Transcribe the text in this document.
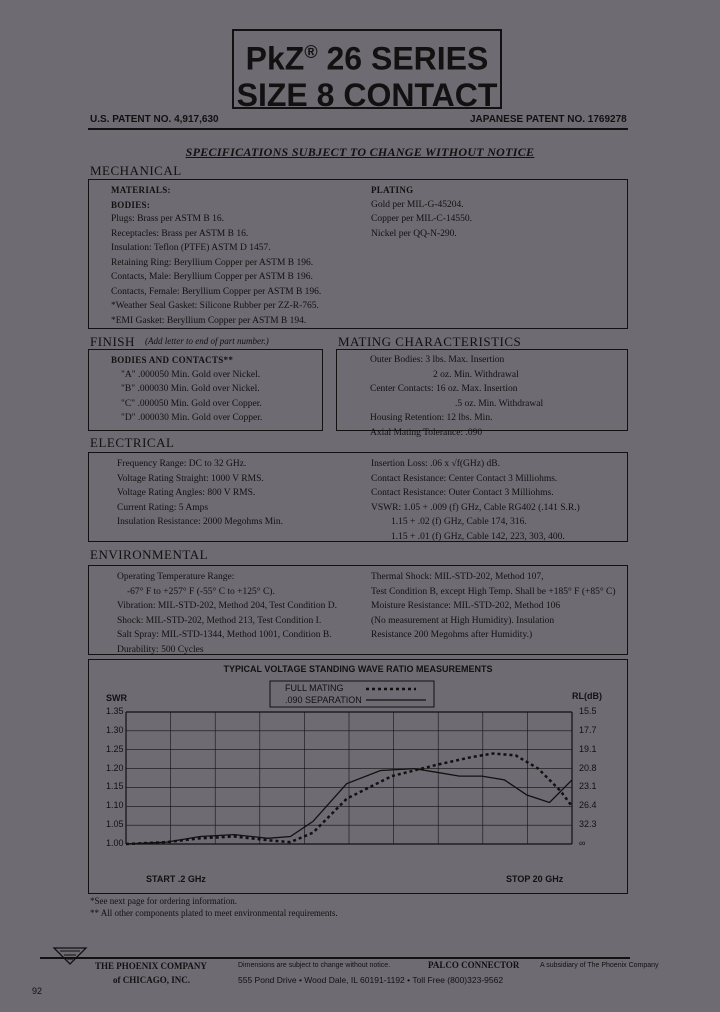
PkZ® 26 SERIES
SIZE 8 CONTACT
U.S. PATENT NO. 4,917,630	JAPANESE PATENT NO. 1769278
SPECIFICATIONS SUBJECT TO CHANGE WITHOUT NOTICE
MECHANICAL
MATERIALS:
BODIES:
Plugs: Brass per ASTM B 16.
Receptacles: Brass per ASTM B 16.
Insulation: Teflon (PTFE) ASTM D 1457.
Retaining Ring: Beryllium Copper per ASTM B 196.
Contacts, Male: Beryllium Copper per ASTM B 196.
Contacts, Female: Beryllium Copper per ASTM B 196.
*Weather Seal Gasket: Silicone Rubber per ZZ-R-765.
*EMI Gasket: Beryllium Copper per ASTM B 194.
PLATING
Gold per MIL-G-45204.
Copper per MIL-C-14550.
Nickel per QQ-N-290.
FINISH (Add letter to end of part number.)
BODIES AND CONTACTS**
"A" .000050 Min. Gold over Nickel.
"B" .000030 Min. Gold over Nickel.
"C" .000050 Min. Gold over Copper.
"D" .000030 Min. Gold over Copper.
MATING CHARACTERISTICS
Outer Bodies: 3 lbs. Max. Insertion
2 oz. Min. Withdrawal
Center Contacts: 16 oz. Max. Insertion
.5 oz. Min. Withdrawal
Housing Retention: 12 lbs. Min.
Axial Mating Tolerance: .090
ELECTRICAL
Frequency Range: DC to 32 GHz.
Voltage Rating Straight: 1000 V RMS.
Voltage Rating Angles: 800 V RMS.
Current Rating: 5 Amps
Insulation Resistance: 2000 Megohms Min.
Insertion Loss: .06 x √f(GHz) dB.
Contact Resistance: Center Contact 3 Milliohms.
Contact Resistance: Outer Contact 3 Milliohms.
VSWR: 1.05 + .009 (f) GHz, Cable RG402 (.141 S.R.)
1.15 + .02 (f) GHz, Cable 174, 316.
1.15 + .01 (f) GHz, Cable 142, 223, 303, 400.
ENVIRONMENTAL
Operating Temperature Range:
-67° F to +257° F (-55° C to +125° C).
Vibration: MIL-STD-202, Method 204, Test Condition D.
Shock: MIL-STD-202, Method 213, Test Condition I.
Salt Spray: MIL-STD-1344, Method 1001, Condition B.
Durability: 500 Cycles
Thermal Shock: MIL-STD-202, Method 107,
Test Condition B, except High Temp. Shall be +185° F (+85° C)
Moisture Resistance: MIL-STD-202, Method 106
(No measurement at High Humidity). Insulation
Resistance 200 Megohms after Humidity.)
TYPICAL VOLTAGE STANDING WAVE RATIO MEASUREMENTS
FULL MATING
.090 SEPARATION
SWR	RL(dB)
1.35
1.30
1.25
1.20
1.15
1.10
1.05
1.00
15.5
17.7
19.1
20.8
23.1
26.4
32.3
∞
START .2 GHz	STOP 20 GHz
*See next page for ordering information.
** All other components plated to meet environmental requirements.
THE PHOENIX COMPANY
of CHICAGO, INC.
Dimensions are subject to change without notice.	PALCO CONNECTOR	A subsidiary of The Phoenix Company
555 Pond Drive • Wood Dale, IL 60191-1192 • Toll Free (800)323-9562
92
